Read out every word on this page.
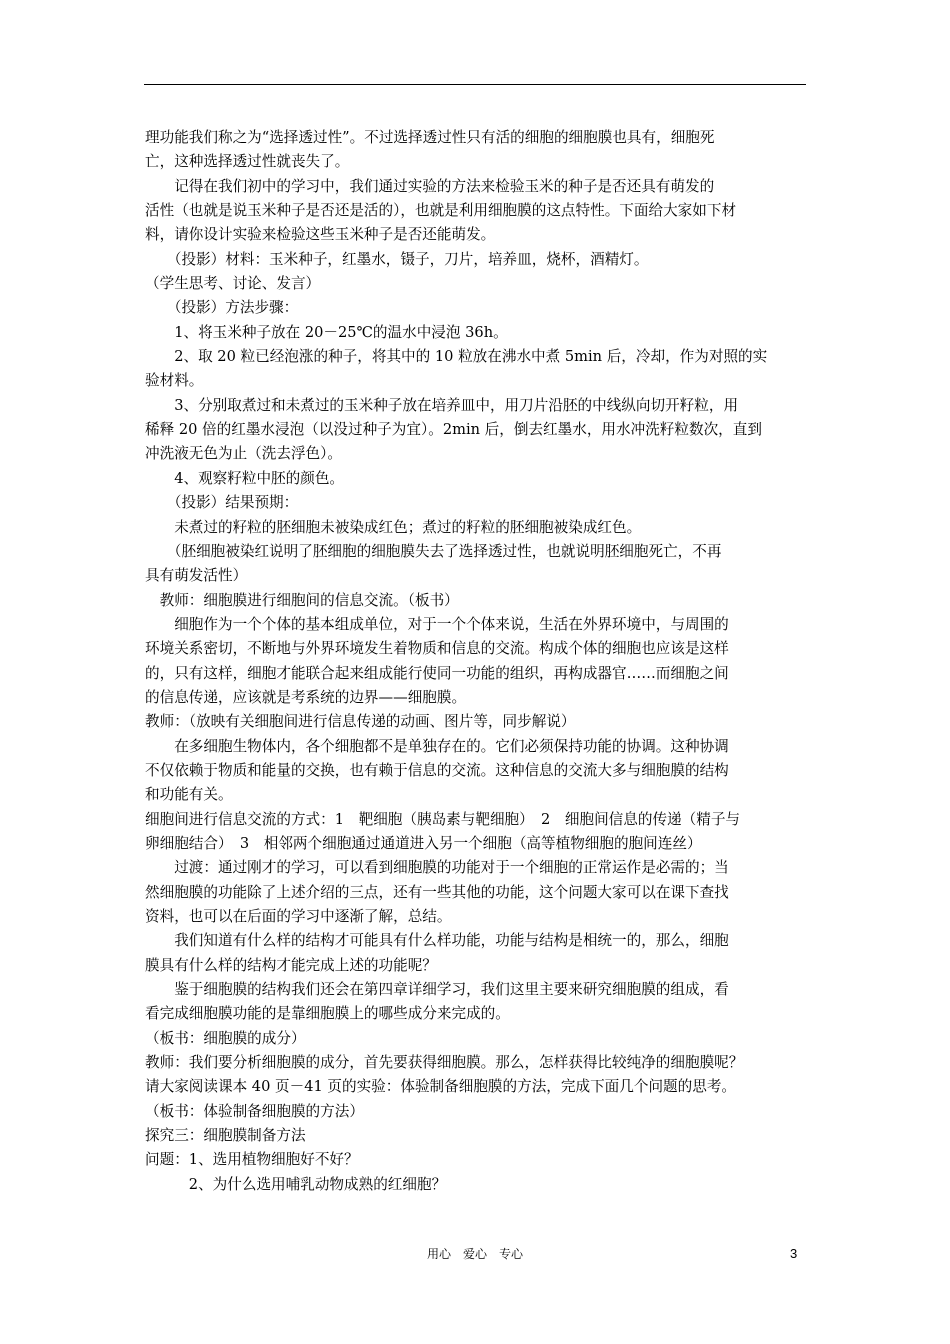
理功能我们称之为“选择透过性”。不过选择透过性只有活的细胞的细胞膜也具有，细胞死
亡，这种选择透过性就丧失了。
　　记得在我们初中的学习中，我们通过实验的方法来检验玉米的种子是否还具有萌发的
活性（也就是说玉米种子是否还是活的），也就是利用细胞膜的这点特性。下面给大家如下材
料，请你设计实验来检验这些玉米种子是否还能萌发。
　　（投影）材料：玉米种子，红墨水，镊子，刀片，培养皿，烧杯，酒精灯。
（学生思考、讨论、发言）
　　（投影）方法步骤：
　　1、将玉米种子放在 20－25℃的温水中浸泡 36h。
　　2、取 20 粒已经泡涨的种子，将其中的 10 粒放在沸水中煮 5min 后，冷却，作为对照的实
验材料。
　　3、分别取煮过和未煮过的玉米种子放在培养皿中，用刀片沿胚的中线纵向切开籽粒，用
稀释 20 倍的红墨水浸泡（以没过种子为宜）。2min 后，倒去红墨水，用水冲洗籽粒数次，直到
冲洗液无色为止（洗去浮色）。
　　4、观察籽粒中胚的颜色。
　　（投影）结果预期：
　　未煮过的籽粒的胚细胞未被染成红色；煮过的籽粒的胚细胞被染成红色。
　　（胚细胞被染红说明了胚细胞的细胞膜失去了选择透过性，也就说明胚细胞死亡，不再
具有萌发活性）
　教师：细胞膜进行细胞间的信息交流。（板书）
　　细胞作为一个个体的基本组成单位，对于一个个体来说，生活在外界环境中，与周围的
环境关系密切，不断地与外界环境发生着物质和信息的交流。构成个体的细胞也应该是这样
的，只有这样，细胞才能联合起来组成能行使同一功能的组织，再构成器官……而细胞之间
的信息传递，应该就是考系统的边界——细胞膜。
教师：（放映有关细胞间进行信息传递的动画、图片等，同步解说）
　　在多细胞生物体内，各个细胞都不是单独存在的。它们必须保持功能的协调。这种协调
不仅依赖于物质和能量的交换，也有赖于信息的交流。这种信息的交流大多与细胞膜的结构
和功能有关。
细胞间进行信息交流的方式：1　靶细胞（胰岛素与靶细胞）　2　细胞间信息的传递（精子与
卵细胞结合）　3　相邻两个细胞通过通道进入另一个细胞（高等植物细胞的胞间连丝）
　　过渡：通过刚才的学习，可以看到细胞膜的功能对于一个细胞的正常运作是必需的；当
然细胞膜的功能除了上述介绍的三点，还有一些其他的功能，这个问题大家可以在课下查找
资料，也可以在后面的学习中逐渐了解，总结。
　　我们知道有什么样的结构才可能具有什么样功能，功能与结构是相统一的，那么，细胞
膜具有什么样的结构才能完成上述的功能呢？
　　鉴于细胞膜的结构我们还会在第四章详细学习，我们这里主要来研究细胞膜的组成，看
看完成细胞膜功能的是靠细胞膜上的哪些成分来完成的。
（板书：细胞膜的成分）
教师：我们要分析细胞膜的成分，首先要获得细胞膜。那么，怎样获得比较纯净的细胞膜呢？
请大家阅读课本 40 页－41 页的实验：体验制备细胞膜的方法，完成下面几个问题的思考。
（板书：体验制备细胞膜的方法）
探究三：细胞膜制备方法
问题：1、选用植物细胞好不好？
　　　2、为什么选用哺乳动物成熟的红细胞？
用心　爱心　专心	3
